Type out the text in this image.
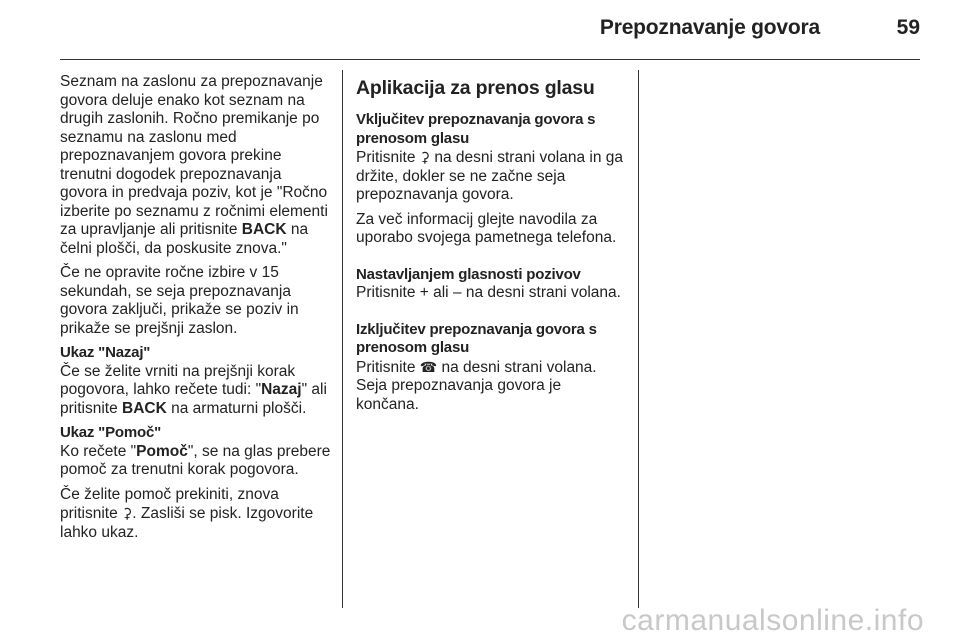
Prepoznavanje govora	59

Seznam na zaslonu za prepoznavanje govora deluje enako kot seznam na drugih zaslonih. Ročno premikanje po seznamu na zaslonu med prepoznavanjem govora prekine trenutni dogodek prepoznavanja govora in predvaja poziv, kot je "Ročno izberite po seznamu z ročnimi elementi za upravljanje ali pritisnite BACK na čelni plošči, da poskusite znova."

Če ne opravite ročne izbire v 15 sekundah, se seja prepoznavanja govora zaključi, prikaže se poziv in prikaže se prejšnji zaslon.

Ukaz "Nazaj"

Če se želite vrniti na prejšnji korak pogovora, lahko rečete tudi: "Nazaj" ali pritisnite BACK na armaturni plošči.

Ukaz "Pomoč"

Ko rečete "Pomoč", se na glas prebere pomoč za trenutni korak pogovora.

Če želite pomoč prekiniti, znova pritisnite ⚳. Zasliši se pisk. Izgovorite lahko ukaz.

Aplikacija za prenos glasu
Vključitev prepoznavanja govora s prenosom glasu

Pritisnite ⚳ na desni strani volana in ga držite, dokler se ne začne seja prepoznavanja govora.

Za več informacij glejte navodila za uporabo svojega pametnega telefona.

Nastavljanjem glasnosti pozivov

Pritisnite + ali – na desni strani volana.

Izključitev prepoznavanja govora s prenosom glasu

Pritisnite ☎ na desni strani volana. Seja prepoznavanja govora je končana.

carmanualsonline.info
